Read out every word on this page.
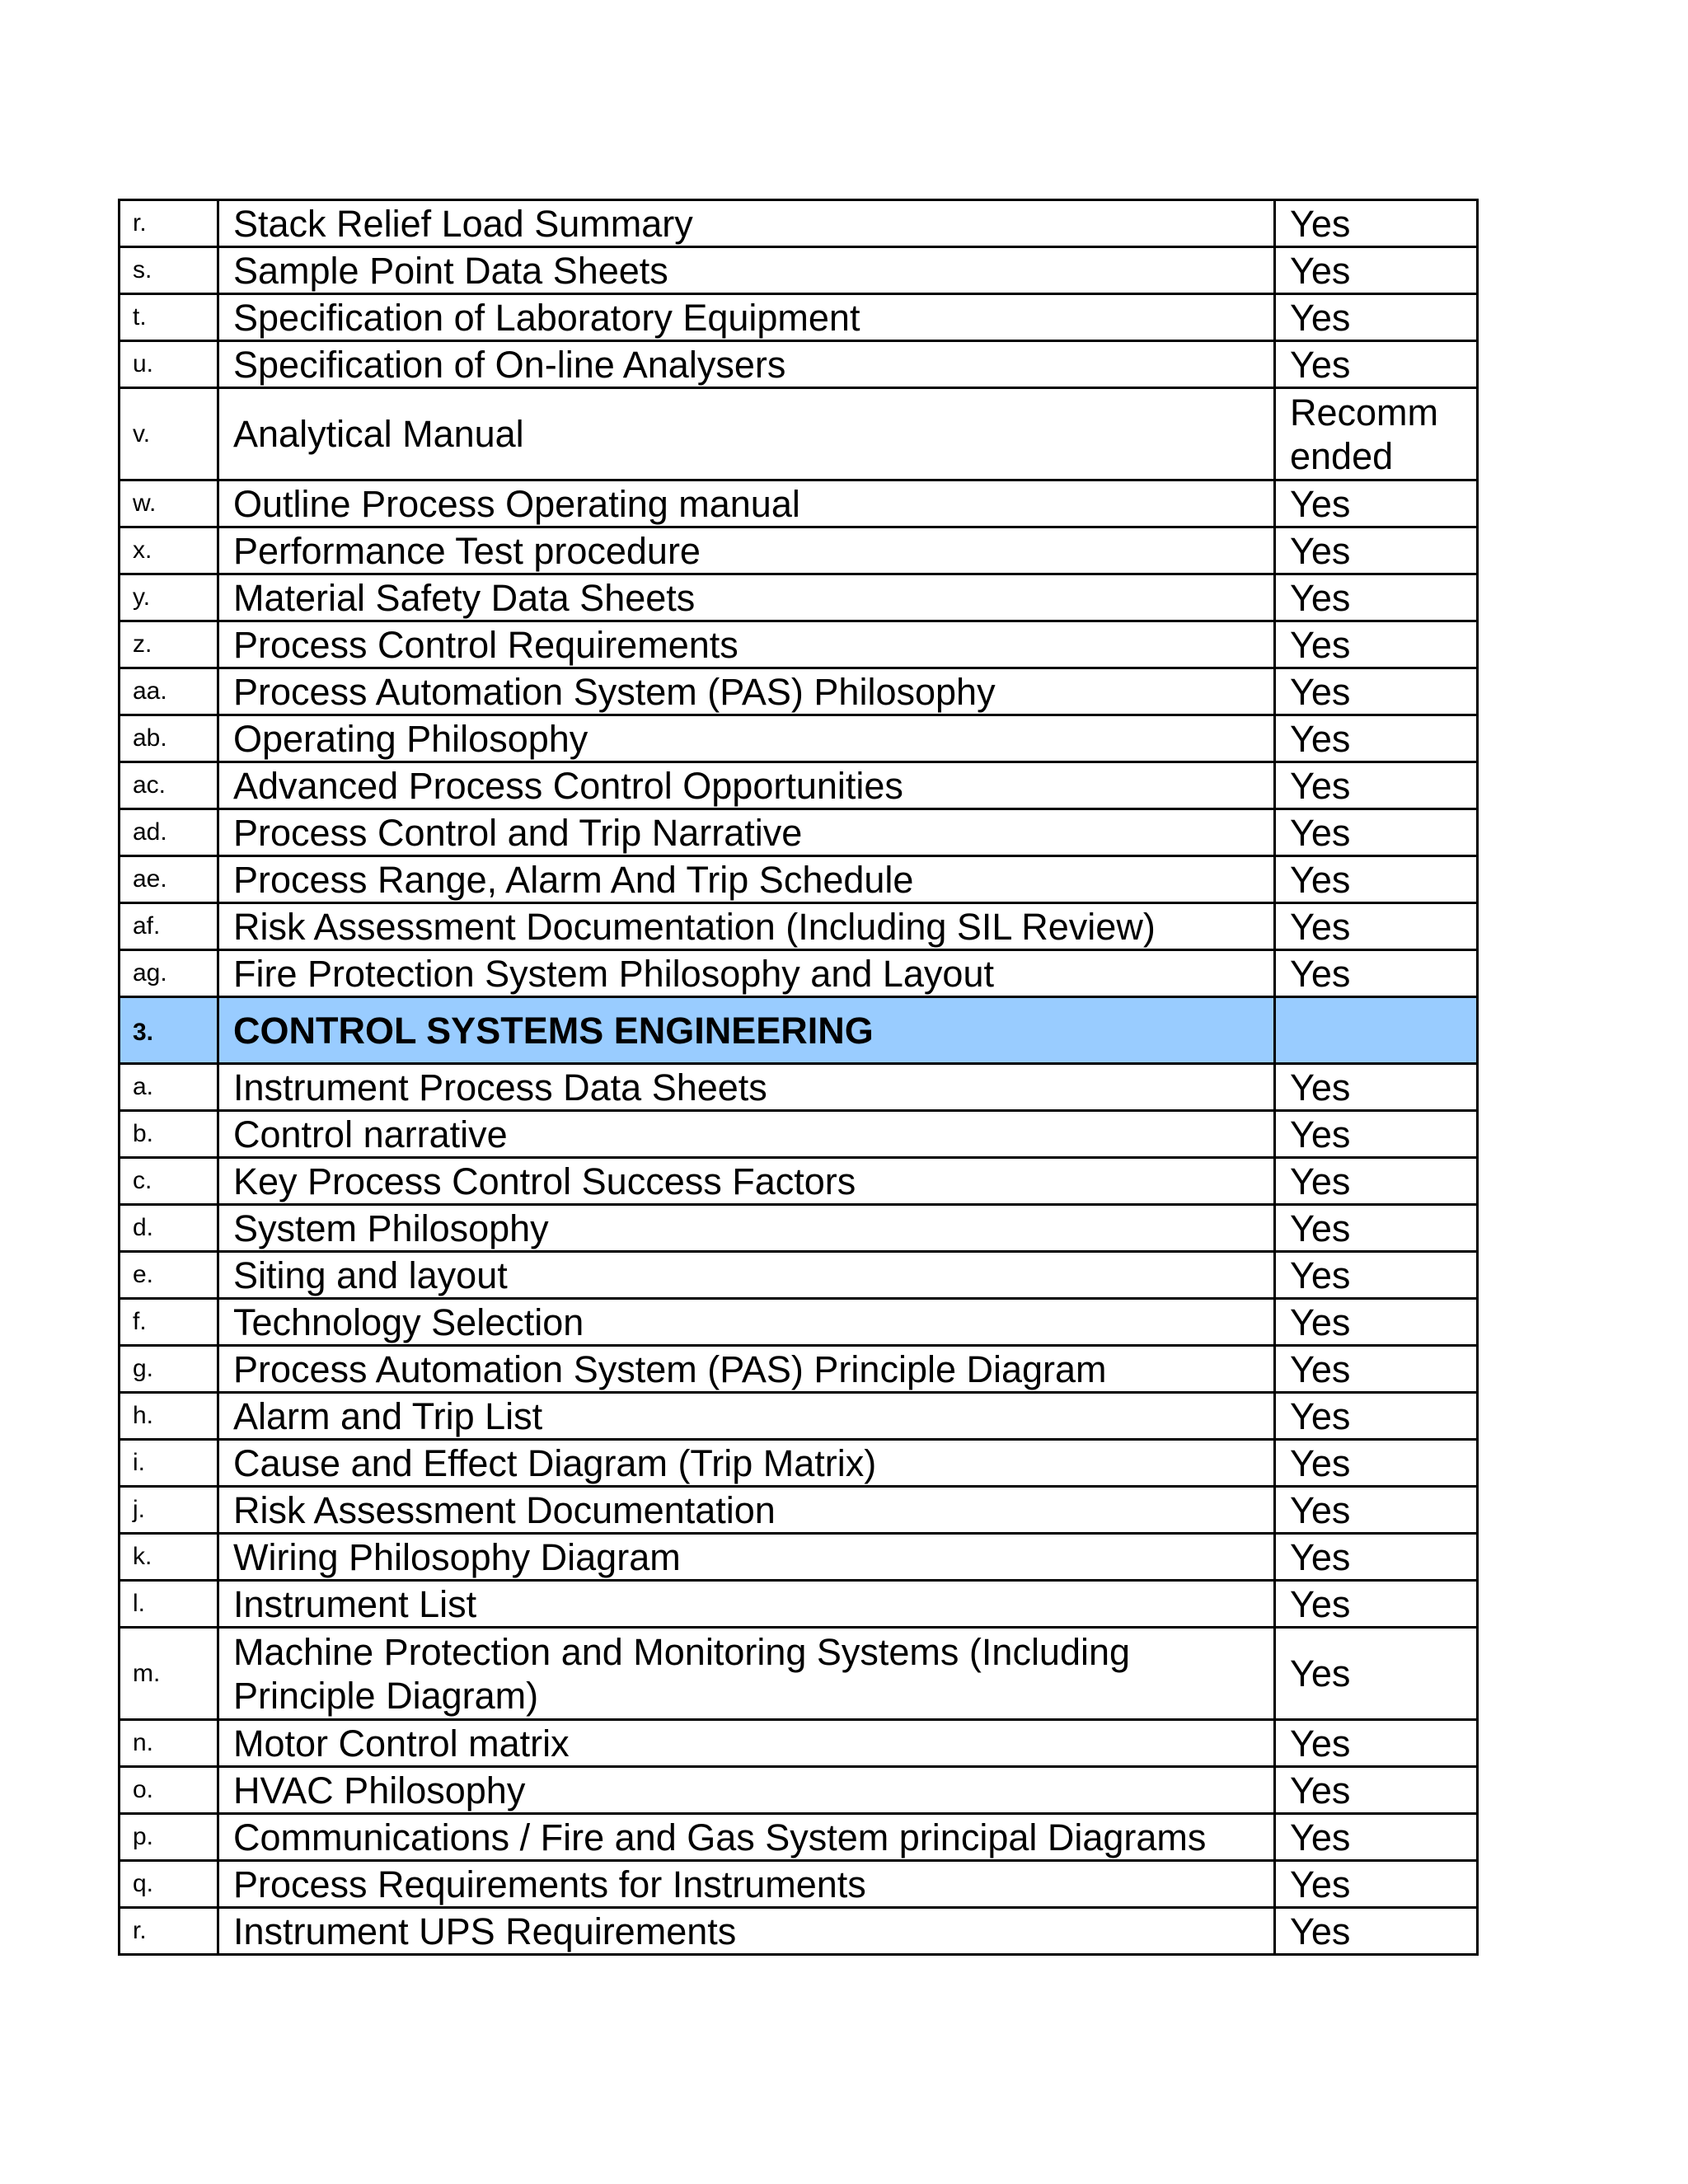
r.	Stack Relief Load Summary	Yes
s.	Sample Point Data Sheets	Yes
t.	Specification of Laboratory Equipment	Yes
u.	Specification of On-line Analysers	Yes
v.	Analytical Manual	Recomm ended
w.	Outline Process Operating manual	Yes
x.	Performance Test procedure	Yes
y.	Material Safety Data Sheets	Yes
z.	Process Control Requirements	Yes
aa.	Process Automation System (PAS) Philosophy	Yes
ab.	Operating Philosophy	Yes
ac.	Advanced Process Control Opportunities	Yes
ad.	Process Control and Trip Narrative	Yes
ae.	Process Range, Alarm And Trip Schedule	Yes
af.	Risk Assessment Documentation (Including SIL Review)	Yes
ag.	Fire Protection System Philosophy and Layout	Yes
3.	CONTROL SYSTEMS ENGINEERING	
a.	Instrument Process Data Sheets	Yes
b.	Control narrative	Yes
c.	Key Process Control Success Factors	Yes
d.	System Philosophy	Yes
e.	Siting and layout	Yes
f.	Technology Selection	Yes
g.	Process Automation System (PAS) Principle Diagram	Yes
h.	Alarm and Trip List	Yes
i.	Cause and Effect Diagram (Trip Matrix)	Yes
j.	Risk Assessment Documentation	Yes
k.	Wiring Philosophy Diagram	Yes
l.	Instrument List	Yes
m.	Machine Protection and Monitoring Systems (Including Principle Diagram)	Yes
n.	Motor Control matrix	Yes
o.	HVAC Philosophy	Yes
p.	Communications / Fire and Gas System principal Diagrams	Yes
q.	Process Requirements for Instruments	Yes
r.	Instrument UPS Requirements	Yes
